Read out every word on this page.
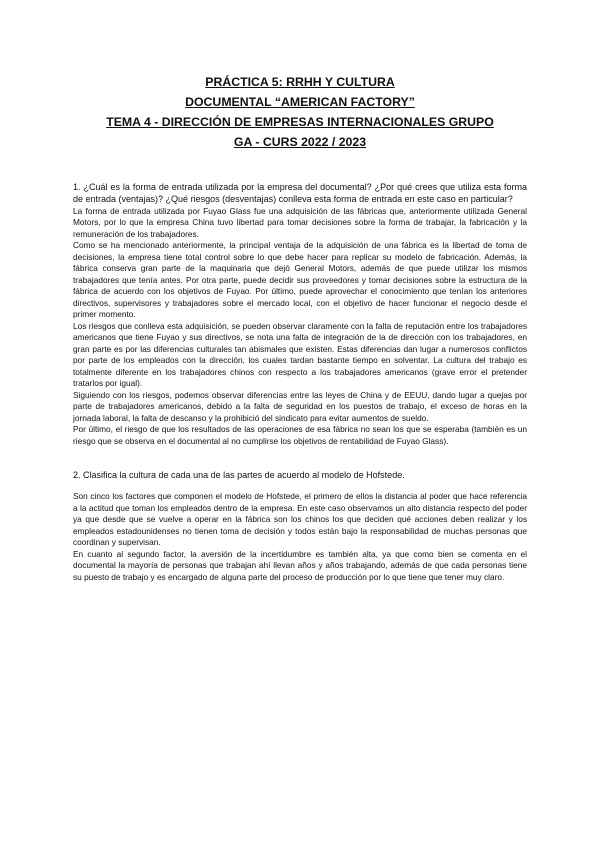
PRÁCTICA 5: RRHH Y CULTURA
DOCUMENTAL “AMERICAN FACTORY”
TEMA 4 - DIRECCIÓN DE EMPRESAS INTERNACIONALES GRUPO
GA - CURS 2022 / 2023

1. ¿Cuál es la forma de entrada utilizada por la empresa del documental? ¿Por qué crees que utiliza esta forma de entrada (ventajas)? ¿Qué riesgos (desventajas) conlleva esta forma de entrada en este caso en particular?

La forma de entrada utilizada por Fuyao Glass fue una adquisición de las fábricas que, anteriormente utilizada General Motors, por lo que la empresa China tuvo libertad para tomar decisiones sobre la forma de trabajar, la fabricación y la remuneración de los trabajadores.

Como se ha mencionado anteriormente, la principal ventaja de la adquisición de una fábrica es la libertad de toma de decisiones, la empresa tiene total control sobre lo que debe hacer para replicar su modelo de fabricación. Además, la fábrica conserva gran parte de la maquinaria que dejó General Motors, además de que puede utilizar los mismos trabajadores que tenía antes. Por otra parte, puede decidir sus proveedores y tomar decisiones sobre la estructura de la fábrica de acuerdo con los objetivos de Fuyao. Por último, puede aprovechar el conocimiento que tenían los anteriores directivos, supervisores y trabajadores sobre el mercado local, con el objetivo de hacer funcionar el negocio desde el primer momento.

Los riesgos que conlleva esta adquisición, se pueden observar claramente con la falta de reputación entre los trabajadores americanos que tiene Fuyao y sus directivos, se nota una falta de integración de la de dirección con los trabajadores, en gran parte es por las diferencias culturales tan abismales que existen. Estas diferencias dan lugar a numerosos conflictos por parte de los empleados con la dirección, los cuales tardan bastante tiempo en solventar. La cultura del trabajo es totalmente diferente en los trabajadores chinos con respecto a los trabajadores americanos (grave error el pretender tratarlos por igual).

Siguiendo con los riesgos, podemos observar diferencias entre las leyes de China y de EEUU, dando lugar a quejas por parte de trabajadores americanos, debido a la falta de seguridad en los puestos de trabajo, el exceso de horas en la jornada laboral, la falta de descanso y la prohibició del sindicato para evitar aumentos de sueldo.

Por último, el riesgo de que los resultados de las operaciones de esa fábrica no sean los que se esperaba (también es un riesgo que se observa en el documental al no cumplirse los objetivos de rentabilidad de Fuyao Glass).

2. Clasifica la cultura de cada una de las partes de acuerdo al modelo de Hofstede.

Son cinco los factores que componen el modelo de Hofstede, el primero de ellos la distancia al poder que hace referencia a la actitud que toman los empleados dentro de la empresa. En este caso observamos un alto distancia respecto del poder ya que desde que se vuelve a operar en la fábrica son los chinos los que deciden qué acciones deben realizar y los empleados estadounidenses no tienen toma de decisión y todos están bajo la responsabilidad de muchas personas que coordinan y supervisan.

En cuanto al segundo factor, la aversión de la incertidumbre es también alta, ya que como bien se comenta en el documental la mayoría de personas que trabajan ahí llevan años y años trabajando, además de que cada personas tiene su puesto de trabajo y es encargado de alguna parte del proceso de producción por lo que tiene que tener muy claro.
